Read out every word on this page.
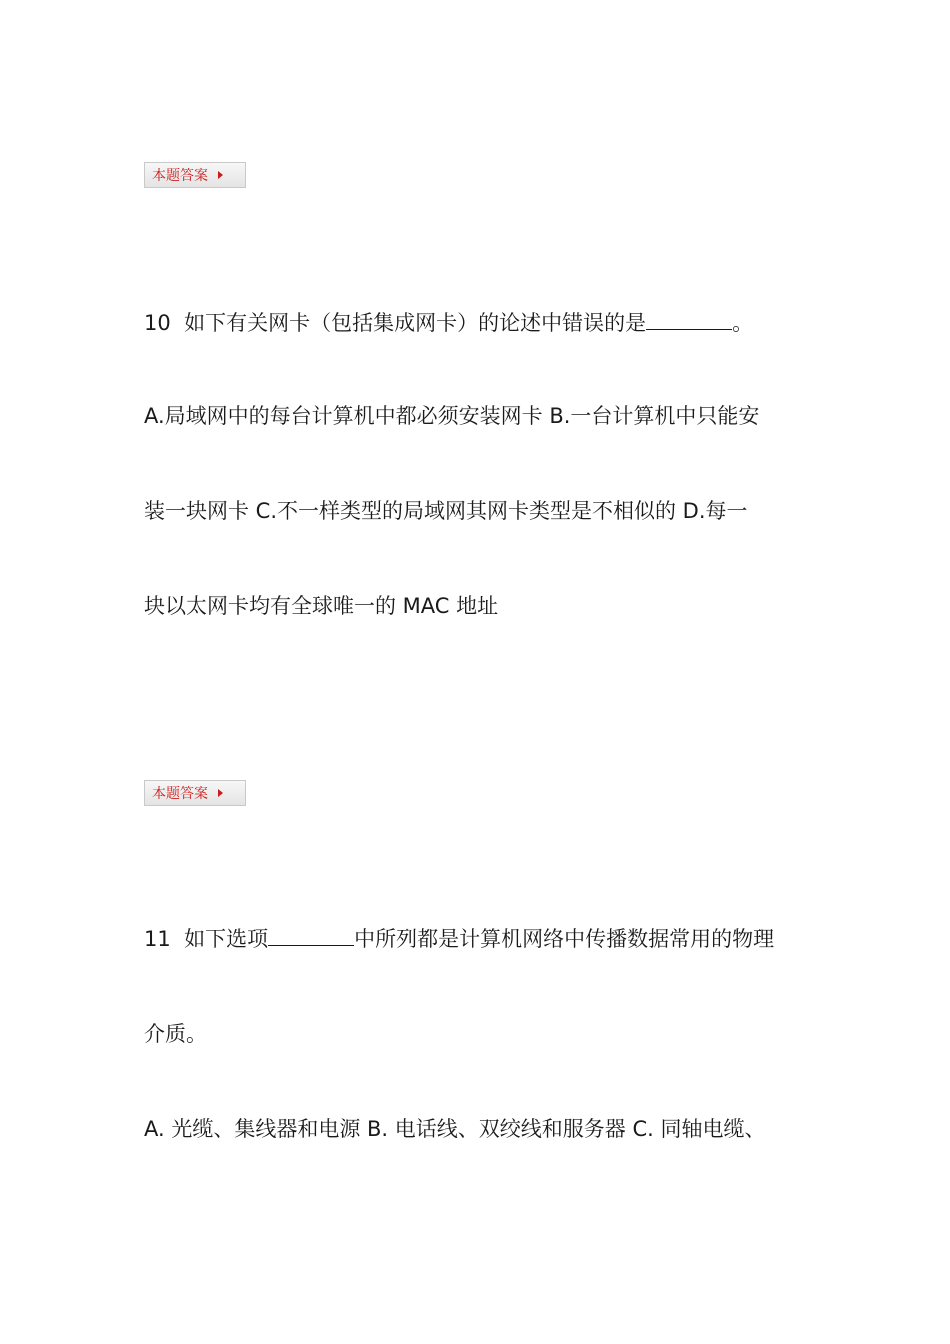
本题答案
10 如下有关网卡（包括集成网卡）的论述中错误的是	。
A.局域网中的每台计算机中都必须安装网卡 B.一台计算机中只能安
装一块网卡 C.不一样类型的局域网其网卡类型是不相似的 D.每一
块以太网卡均有全球唯一的 MAC 地址
本题答案
11 如下选项	中所列都是计算机网络中传播数据常用的物理
介质。
A. 光缆、集线器和电源 B. 电话线、双绞线和服务器 C. 同轴电缆、
